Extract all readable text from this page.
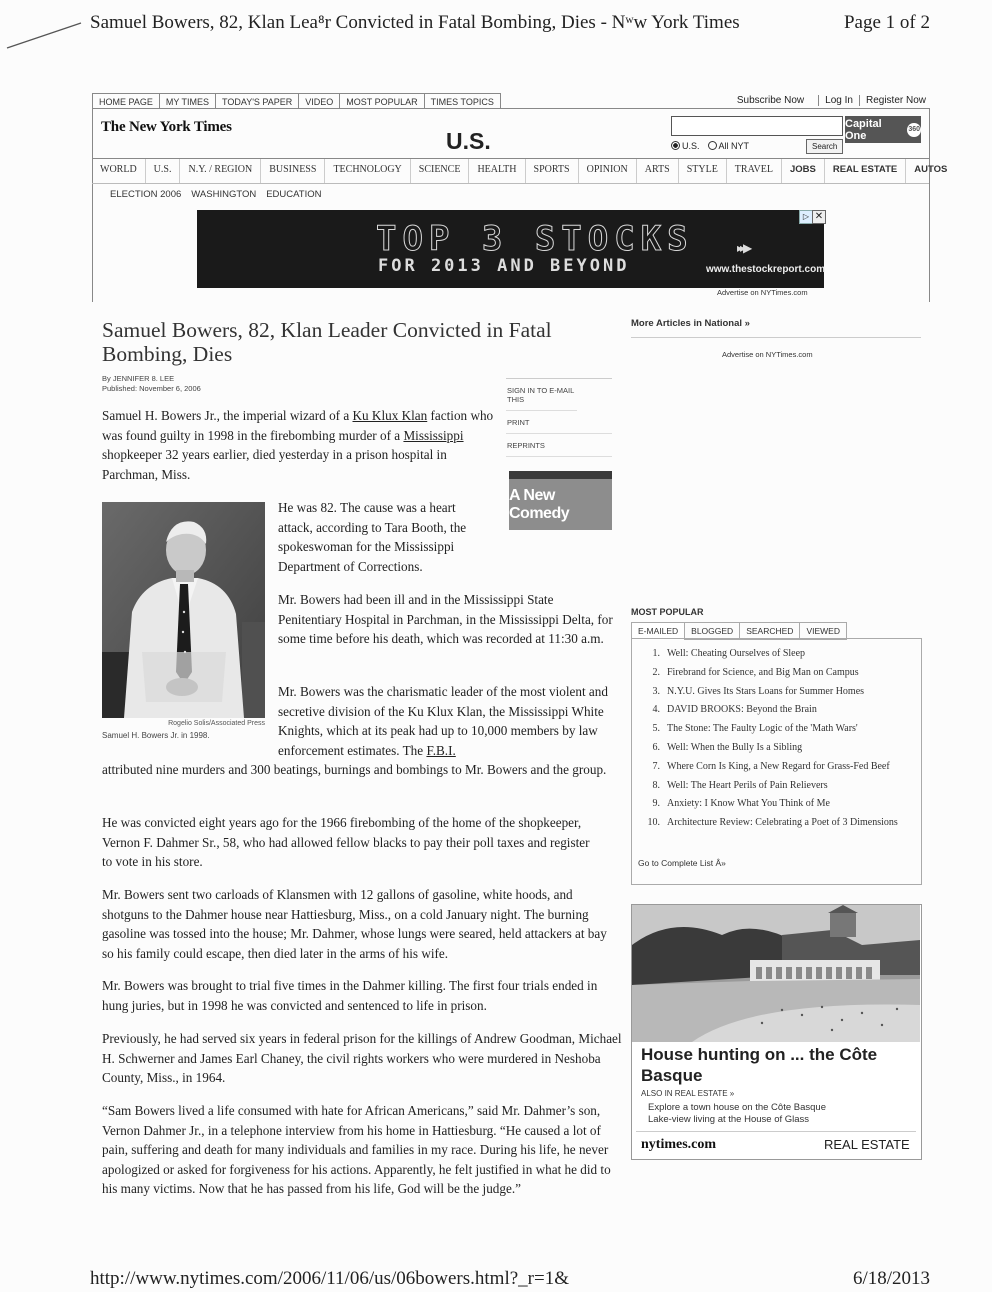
Samuel Bowers, 82, Klan Lea⁸r Convicted in Fatal Bombing, Dies - Nʷw York Times	Page 1 of 2
HOME PAGE	MY TIMES	TODAY'S PAPER	VIDEO	MOST POPULAR	TIMES TOPICS	Subscribe Now Log In Register Now
The New York Times
U.S.	U.S.	All NYT	Search
Capital One	360
WORLD	U.S.	N.Y. / REGION	BUSINESS	TECHNOLOGY	SCIENCE	HEALTH	SPORTS	OPINION	ARTS	STYLE	TRAVEL	JOBS	REAL ESTATE	AUTOS
ELECTION 2006 WASHINGTON EDUCATION
TOP 3 STOCKS
FOR 2013 AND BEYOND
▸▸▶
www.thestockreport.com
▷ ✕
Advertise on NYTimes.com
Samuel Bowers, 82, Klan Leader Convicted in Fatal Bombing, Dies
By JENNIFER 8. LEE
Published: November 6, 2006	SIGN IN TO E-MAIL THIS
PRINT
REPRINTS
A New Comedy
Samuel H. Bowers Jr., the imperial wizard of a Ku Klux Klan faction who was found guilty in 1998 in the firebombing murder of a Mississippi shopkeeper 32 years earlier, died yesterday in a prison hospital in Parchman, Miss.
Rogelio Solis/Associated Press
Samuel H. Bowers Jr. in 1998.
He was 82. The cause was a heart attack, according to Tara Booth, the spokeswoman for the Mississippi Department of Corrections.
Mr. Bowers had been ill and in the Mississippi State Penitentiary Hospital in Parchman, in the Mississippi Delta, for some time before his death, which was recorded at 11:30 a.m.
Mr. Bowers was the charismatic leader of the most violent and secretive division of the Ku Klux Klan, the Mississippi White Knights, which at its peak had up to 10,000 members by law enforcement estimates. The F.B.I.
attributed nine murders and 300 beatings, burnings and bombings to Mr. Bowers and the group.
He was convicted eight years ago for the 1966 firebombing of the home of the shopkeeper, Vernon F. Dahmer Sr., 58, who had allowed fellow blacks to pay their poll taxes and register to vote in his store.
Mr. Bowers sent two carloads of Klansmen with 12 gallons of gasoline, white hoods, and shotguns to the Dahmer house near Hattiesburg, Miss., on a cold January night. The burning gasoline was tossed into the house; Mr. Dahmer, whose lungs were seared, held attackers at bay so his family could escape, then died later in the arms of his wife.
Mr. Bowers was brought to trial five times in the Dahmer killing. The first four trials ended in hung juries, but in 1998 he was convicted and sentenced to life in prison.
Previously, he had served six years in federal prison for the killings of Andrew Goodman, Michael H. Schwerner and James Earl Chaney, the civil rights workers who were murdered in Neshoba County, Miss., in 1964.
“Sam Bowers lived a life consumed with hate for African Americans,” said Mr. Dahmer’s son, Vernon Dahmer Jr., in a telephone interview from his home in Hattiesburg. “He caused a lot of pain, suffering and death for many individuals and families in my race. During his life, he never apologized or asked for forgiveness for his actions. Apparently, he felt justified in what he did to his many victims. Now that he has passed from his life, God will be the judge.”
More Articles in National »
Advertise on NYTimes.com
MOST POPULAR
E-MAILED	BLOGGED	SEARCHED	VIEWED
1. Well: Cheating Ourselves of Sleep
2. Firebrand for Science, and Big Man on Campus
3. N.Y.U. Gives Its Stars Loans for Summer Homes
4. DAVID BROOKS: Beyond the Brain
5. The Stone: The Faulty Logic of the 'Math Wars'
6. Well: When the Bully Is a Sibling
7. Where Corn Is King, a New Regard for Grass-Fed Beef
8. Well: The Heart Perils of Pain Relievers
9. Anxiety: I Know What You Think of Me
10. Architecture Review: Celebrating a Poet of 3 Dimensions
Go to Complete List Â»
House hunting on ... the Côte Basque
ALSO IN REAL ESTATE »
Explore a town house on the Côte Basque
Lake-view living at the House of Glass
nytimes.com	REAL ESTATE
http://www.nytimes.com/2006/11/06/us/06bowers.html?_r=1&	6/18/2013
